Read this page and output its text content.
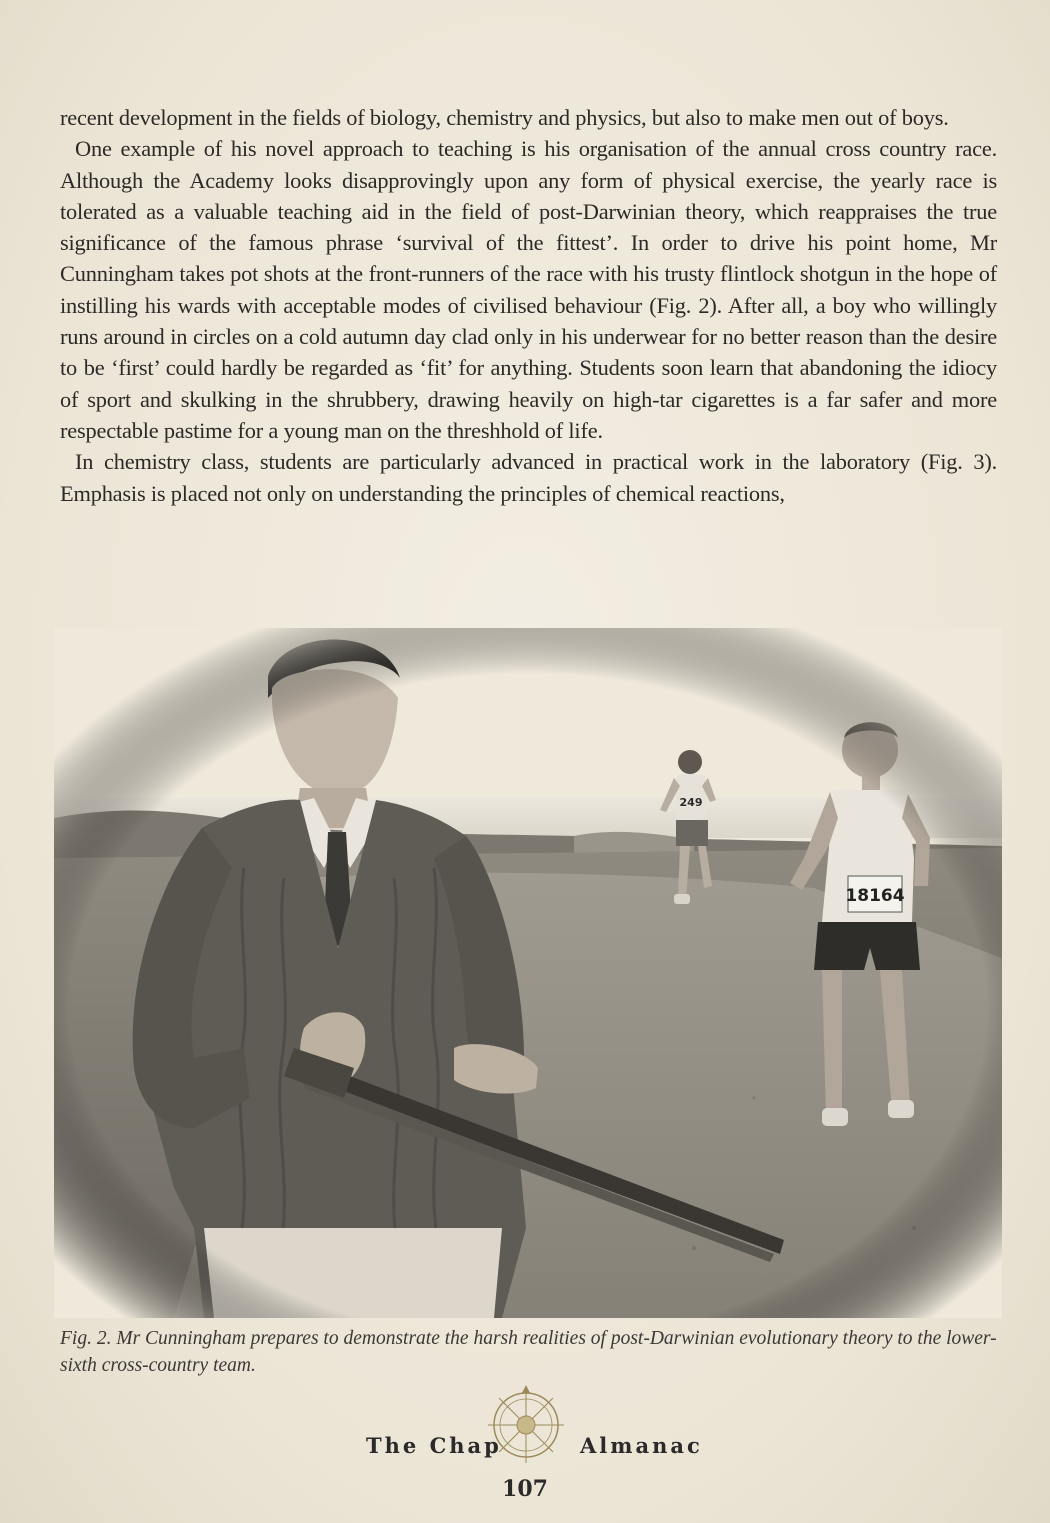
recent development in the fields of biology, chemistry and physics, but also to make men out of boys.

One example of his novel approach to teaching is his organisation of the annual cross country race. Although the Academy looks disapprovingly upon any form of physical exercise, the yearly race is tolerated as a valuable teaching aid in the field of post-Darwinian theory, which reappraises the true significance of the famous phrase ‘survival of the fittest’. In order to drive his point home, Mr Cunningham takes pot shots at the front-runners of the race with his trusty flintlock shotgun in the hope of instilling his wards with acceptable modes of civilised behaviour (Fig. 2). After all, a boy who willingly runs around in circles on a cold autumn day clad only in his underwear for no better reason than the desire to be ‘first’ could hardly be regarded as ‘fit’ for anything. Students soon learn that abandoning the idiocy of sport and skulking in the shrubbery, drawing heavily on high-tar cigarettes is a far safer and more respectable pastime for a young man on the threshhold of life.

In chemistry class, students are particularly advanced in practical work in the laboratory (Fig. 3). Emphasis is placed not only on understanding the principles of chemical reactions,

Fig. 2. Mr Cunningham prepares to demonstrate the harsh realities of post-Darwinian evolutionary theory to the lower-sixth cross-country team.
The Chap	Almanac
107
